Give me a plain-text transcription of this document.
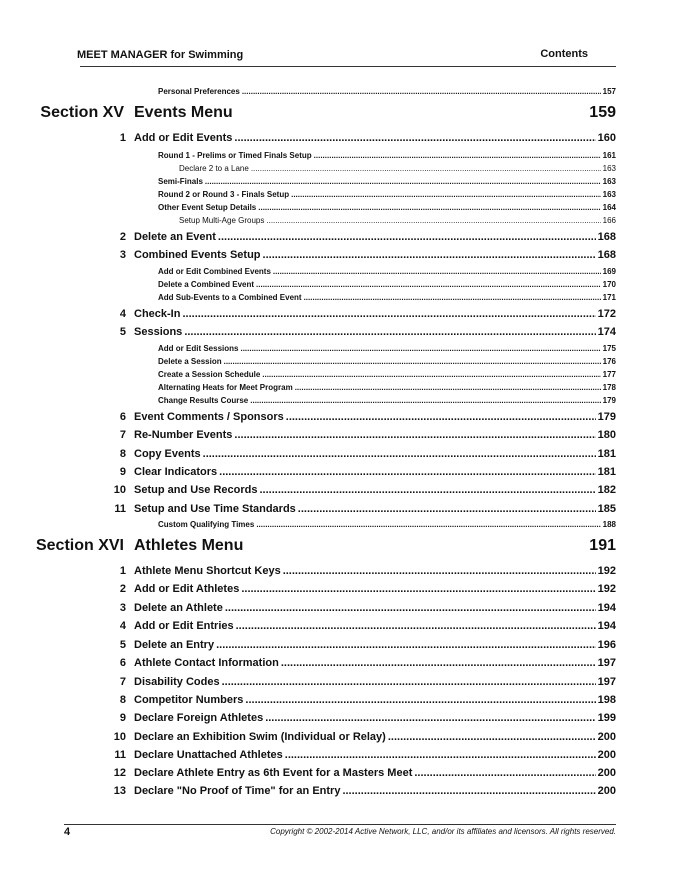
MEET MANAGER for Swimming	Contents
Personal Preferences .....	157
Section XV Events Menu	159
1 Add or Edit Events .....	160
Round 1 - Prelims or Timed Finals Setup .....	161
Declare 2 to a Lane .....	163
Semi-Finals .....	163
Round 2 or Round 3 - Finals Setup .....	163
Other Event Setup Details .....	164
Setup Multi-Age Groups .....	166
2 Delete an Event .....	168
3 Combined Events Setup .....	168
Add or Edit Combined Events .....	169
Delete a Combined Event .....	170
Add Sub-Events to a Combined Event .....	171
4 Check-In .....	172
5 Sessions .....	174
Add or Edit Sessions .....	175
Delete a Session .....	176
Create a Session Schedule .....	177
Alternating Heats for Meet Program .....	178
Change Results Course .....	179
6 Event Comments / Sponsors .....	179
7 Re-Number Events .....	180
8 Copy Events .....	181
9 Clear Indicators .....	181
10 Setup and Use Records .....	182
11 Setup and Use Time Standards .....	185
Custom Qualifying Times .....	188
Section XVI Athletes Menu	191
1 Athlete Menu Shortcut Keys .....	192
2 Add or Edit Athletes .....	192
3 Delete an Athlete .....	194
4 Add or Edit Entries .....	194
5 Delete an Entry .....	196
6 Athlete Contact Information .....	197
7 Disability Codes .....	197
8 Competitor Numbers .....	198
9 Declare Foreign Athletes .....	199
10 Declare an Exhibition Swim (Individual or Relay) .....	200
11 Declare Unattached Athletes .....	200
12 Declare Athlete Entry as 6th Event for a Masters Meet .....	200
13 Declare "No Proof of Time" for an Entry .....	200
4	Copyright © 2002-2014 Active Network, LLC, and/or its affiliates and licensors. All rights reserved.
